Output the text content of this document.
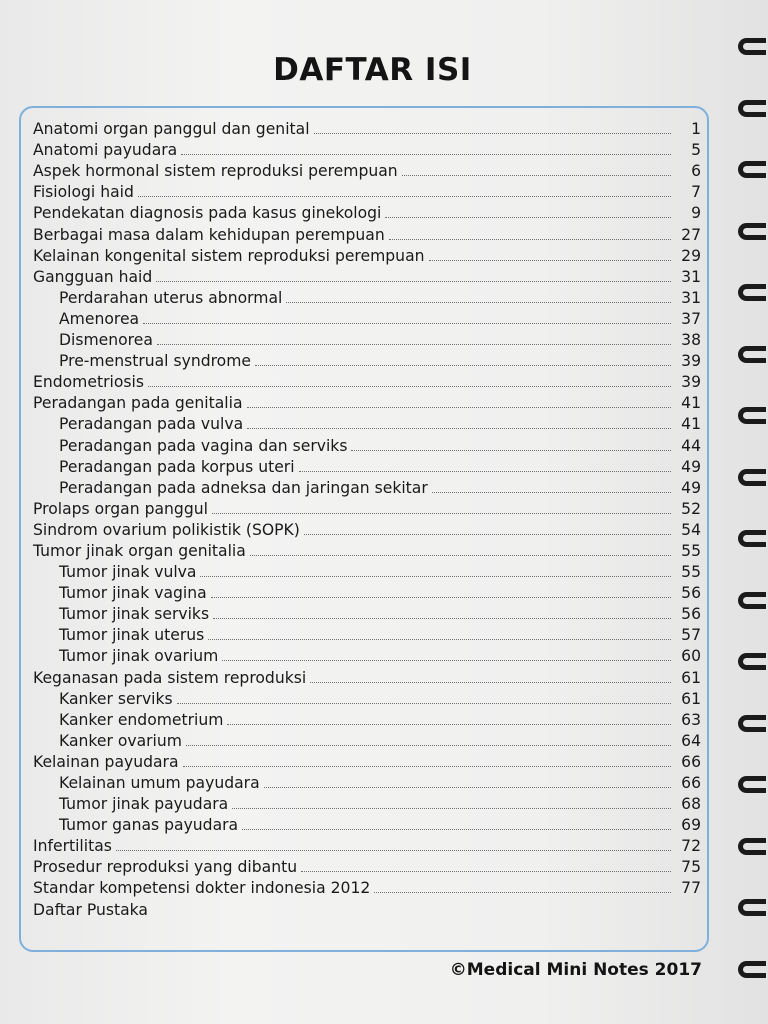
DAFTAR ISI
Anatomi organ panggul dan genital	1
Anatomi payudara	5
Aspek hormonal sistem reproduksi perempuan	6
Fisiologi haid	7
Pendekatan diagnosis pada kasus ginekologi	9
Berbagai masa dalam kehidupan perempuan	27
Kelainan kongenital sistem reproduksi perempuan	29
Gangguan haid	31
Perdarahan uterus abnormal	31
Amenorea	37
Dismenorea	38
Pre-menstrual syndrome	39
Endometriosis	39
Peradangan pada genitalia	41
Peradangan pada vulva	41
Peradangan pada vagina dan serviks	44
Peradangan pada korpus uteri	49
Peradangan pada adneksa dan jaringan sekitar	49
Prolaps organ panggul	52
Sindrom ovarium polikistik (SOPK)	54
Tumor jinak organ genitalia	55
Tumor jinak vulva	55
Tumor jinak vagina	56
Tumor jinak serviks	56
Tumor jinak uterus	57
Tumor jinak ovarium	60
Keganasan pada sistem reproduksi	61
Kanker serviks	61
Kanker endometrium	63
Kanker ovarium	64
Kelainan payudara	66
Kelainan umum payudara	66
Tumor jinak payudara	68
Tumor ganas payudara	69
Infertilitas	72
Prosedur reproduksi yang dibantu	75
Standar kompetensi dokter indonesia 2012	77
Daftar Pustaka
©Medical Mini Notes 2017
